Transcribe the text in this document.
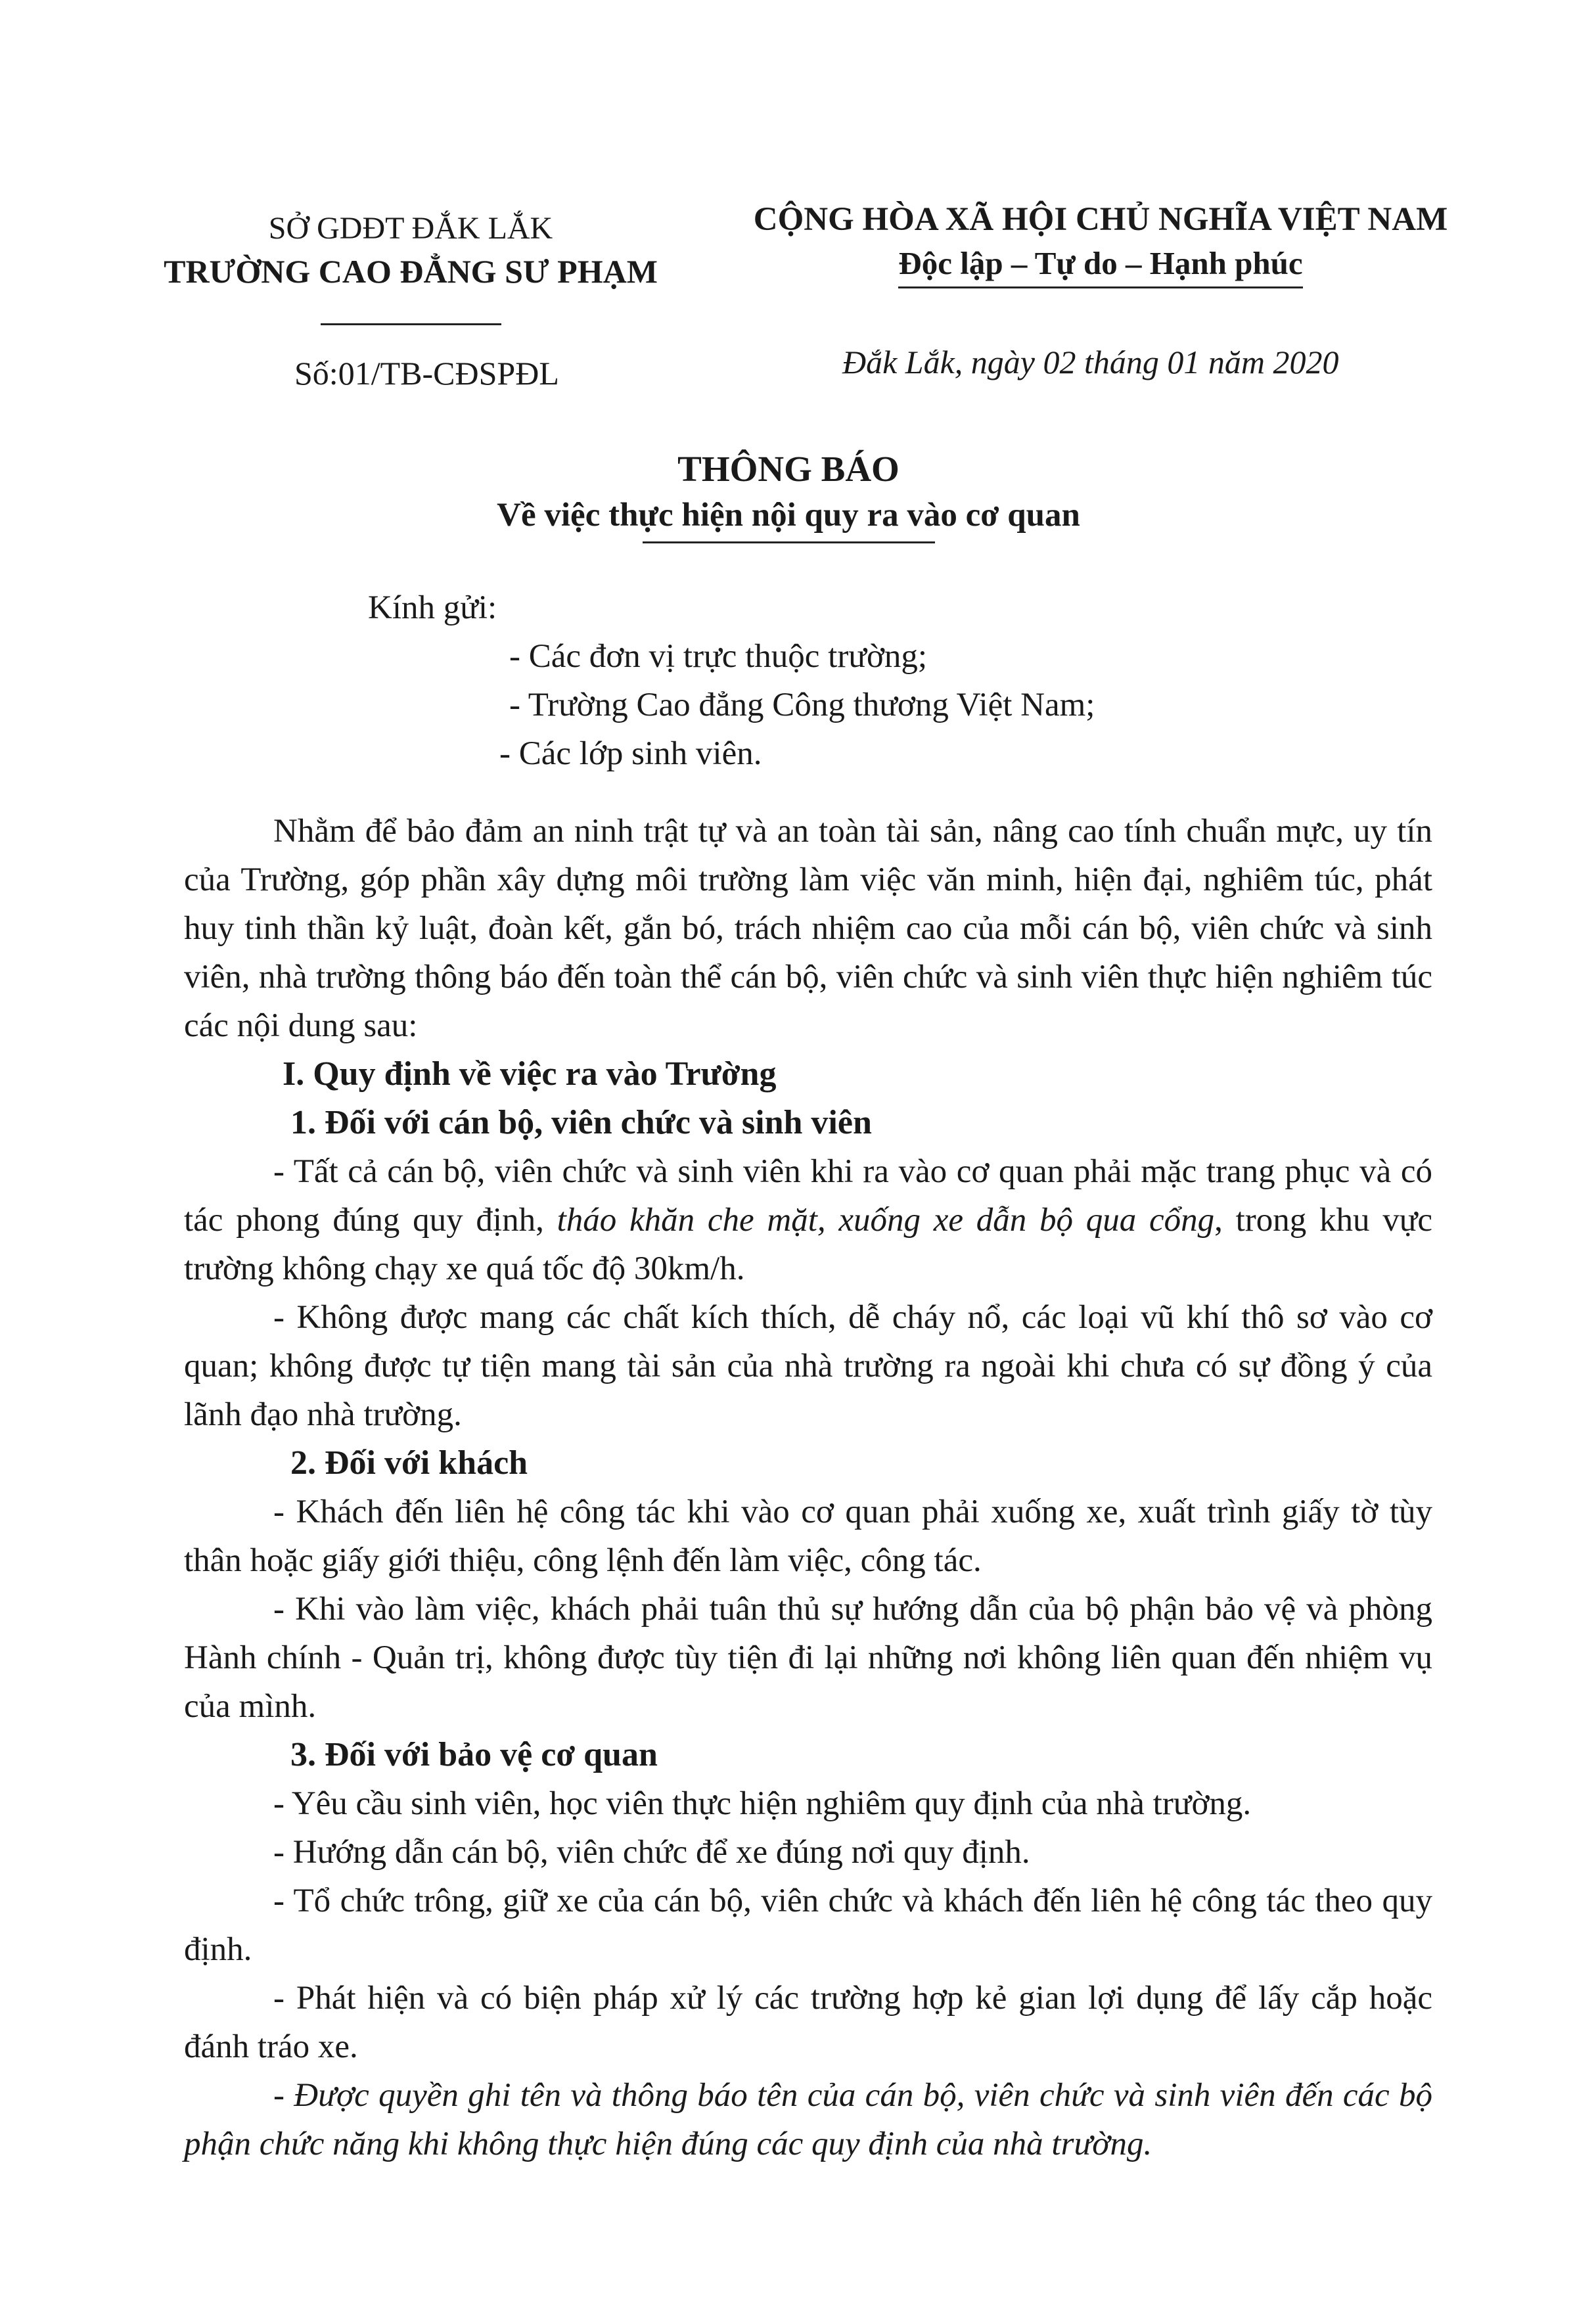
SỞ GDĐT ĐẮK LẮK
TRƯỜNG CAO ĐẲNG SƯ PHẠM
CỘNG HÒA XÃ HỘI CHỦ NGHĨA VIỆT NAM
Độc lập – Tự do – Hạnh phúc
Số:01/TB-CĐSPĐL	Đắk Lắk, ngày 02 tháng 01 năm 2020
THÔNG BÁO
Về việc thực hiện nội quy ra vào cơ quan
Kính gửi:
- Các đơn vị trực thuộc trường;
- Trường Cao đẳng Công thương Việt Nam;
- Các lớp sinh viên.

Nhằm để bảo đảm an ninh trật tự và an toàn tài sản, nâng cao tính chuẩn mực, uy tín của Trường, góp phần xây dựng môi trường làm việc văn minh, hiện đại, nghiêm túc, phát huy tinh thần kỷ luật, đoàn kết, gắn bó, trách nhiệm cao của mỗi cán bộ, viên chức và sinh viên, nhà trường thông báo đến toàn thể cán bộ, viên chức và sinh viên thực hiện nghiêm túc các nội dung sau:

I. Quy định về việc ra vào Trường
1. Đối với cán bộ, viên chức và sinh viên

- Tất cả cán bộ, viên chức và sinh viên khi ra vào cơ quan phải mặc trang phục và có tác phong đúng quy định, tháo khăn che mặt, xuống xe dẫn bộ qua cổng, trong khu vực trường không chạy xe quá tốc độ 30km/h.

- Không được mang các chất kích thích, dễ cháy nổ, các loại vũ khí thô sơ vào cơ quan; không được tự tiện mang tài sản của nhà trường ra ngoài khi chưa có sự đồng ý của lãnh đạo nhà trường.

2. Đối với khách

- Khách đến liên hệ công tác khi vào cơ quan phải xuống xe, xuất trình giấy tờ tùy thân hoặc giấy giới thiệu, công lệnh đến làm việc, công tác.

- Khi vào làm việc, khách phải tuân thủ sự hướng dẫn của bộ phận bảo vệ và phòng Hành chính - Quản trị, không được tùy tiện đi lại những nơi không liên quan đến nhiệm vụ của mình.

3. Đối với bảo vệ cơ quan

- Yêu cầu sinh viên, học viên thực hiện nghiêm quy định của nhà trường.

- Hướng dẫn cán bộ, viên chức để xe đúng nơi quy định.

- Tổ chức trông, giữ xe của cán bộ, viên chức và khách đến liên hệ công tác theo quy định.

- Phát hiện và có biện pháp xử lý các trường hợp kẻ gian lợi dụng để lấy cắp hoặc đánh tráo xe.

- Được quyền ghi tên và thông báo tên của cán bộ, viên chức và sinh viên đến các bộ phận chức năng khi không thực hiện đúng các quy định của nhà trường.
